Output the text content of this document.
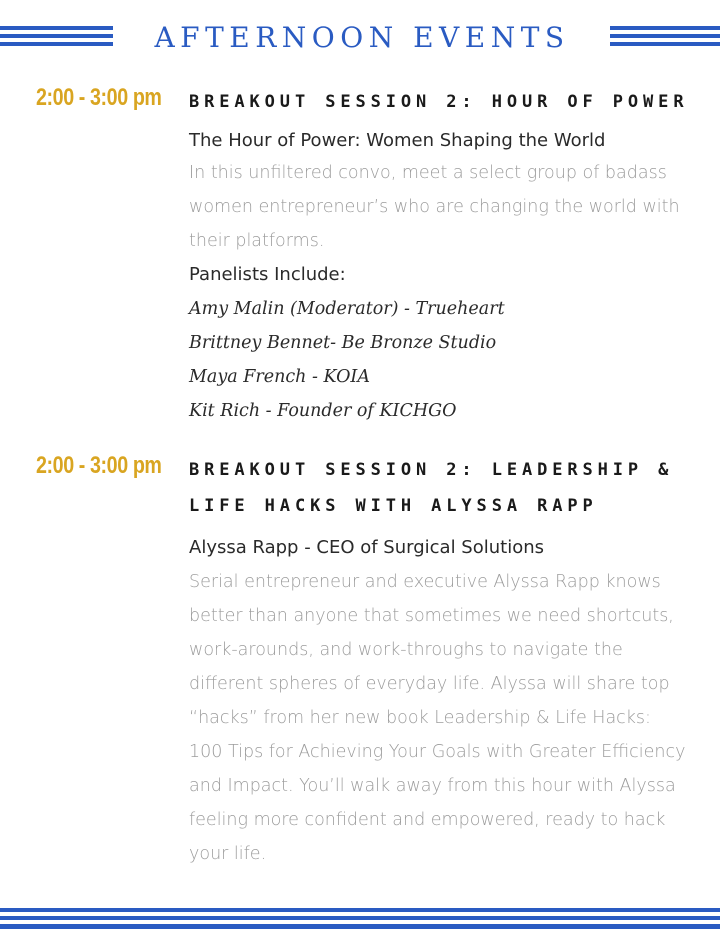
AFTERNOON EVENTS
2:00 - 3:00 pm BREAKOUT SESSION 2: HOUR OF POWER
The Hour of Power: Women Shaping the World
In this unfiltered convo, meet a select group of badass women entrepreneur’s who are changing the world with their platforms.
Panelists Include:
Amy Malin (Moderator) - Trueheart
Brittney Bennet- Be Bronze Studio
Maya French - KOIA
Kit Rich - Founder of KICHGO
2:00 - 3:00 pm BREAKOUT SESSION 2: LEADERSHIP & LIFE HACKS WITH ALYSSA RAPP
Alyssa Rapp - CEO of Surgical Solutions
Serial entrepreneur and executive Alyssa Rapp knows better than anyone that sometimes we need shortcuts, work-arounds, and work-throughs to navigate the different spheres of everyday life. Alyssa will share top “hacks” from her new book Leadership & Life Hacks: 100 Tips for Achieving Your Goals with Greater Efficiency and Impact. You’ll walk away from this hour with Alyssa feeling more confident and empowered, ready to hack your life.
